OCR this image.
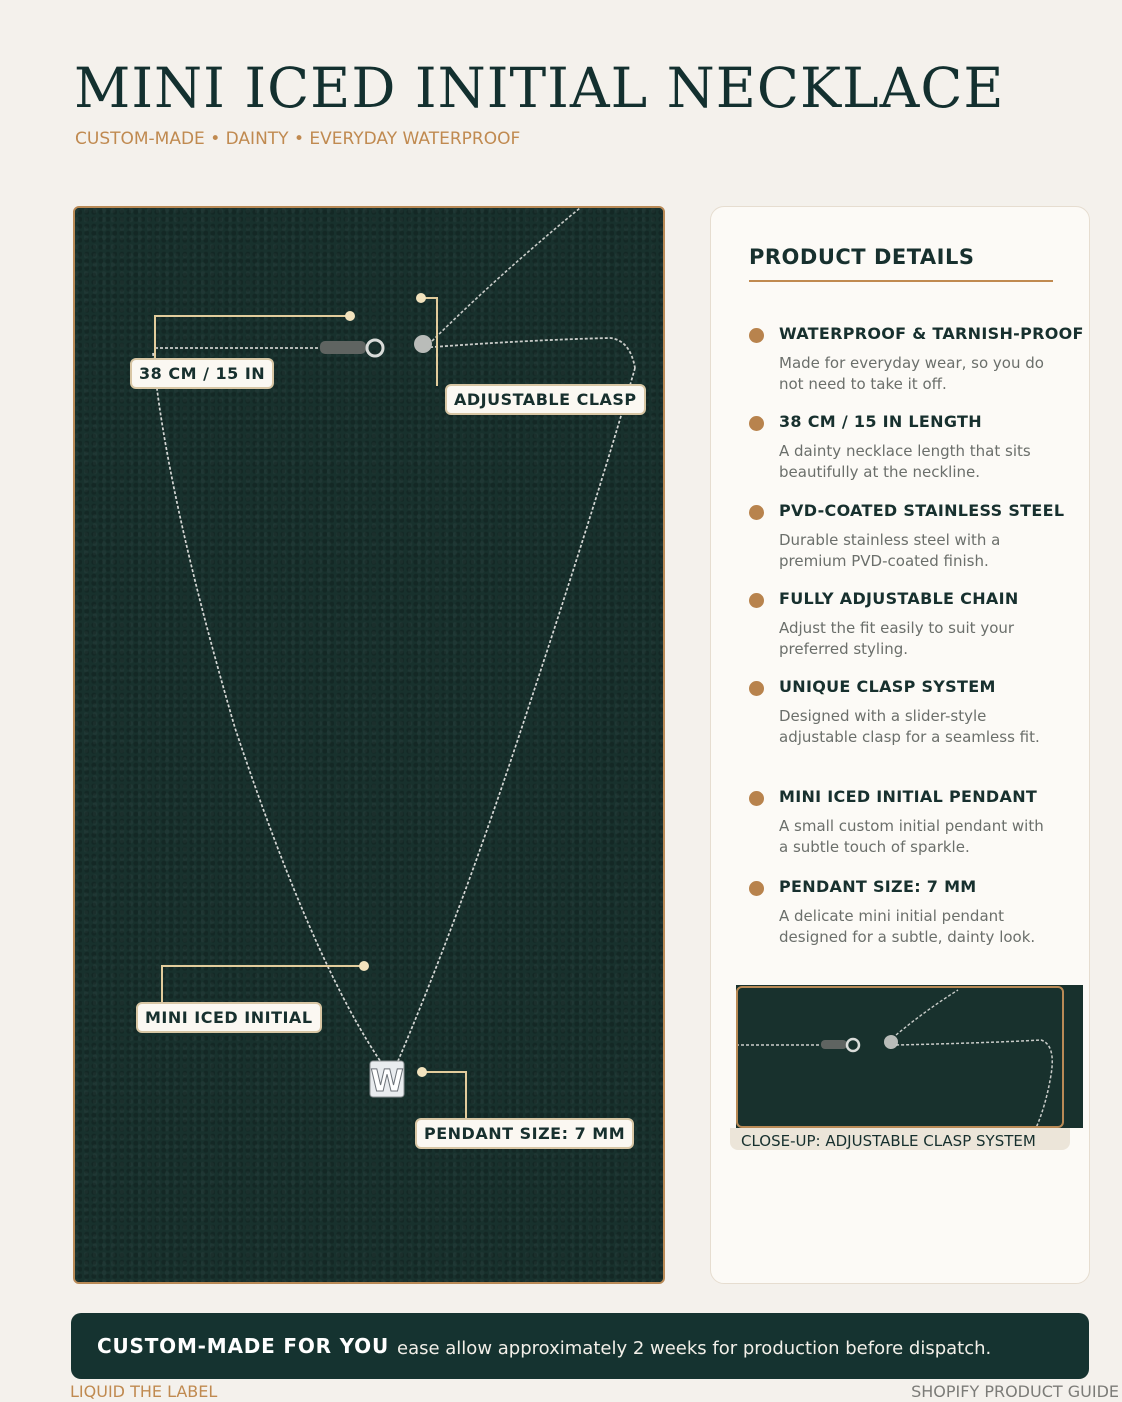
MINI ICED INITIAL NECKLACE
CUSTOM-MADE • DAINTY • EVERYDAY WATERPROOF
W
38 CM / 15 IN
ADJUSTABLE CLASP
MINI ICED INITIAL
PENDANT SIZE: 7 MM
PRODUCT DETAILS
WATERPROOF & TARNISH-PROOF
Made for everyday wear, so you do not need to take it off.
38 CM / 15 IN LENGTH
A dainty necklace length that sits beautifully at the neckline.
PVD-COATED STAINLESS STEEL
Durable stainless steel with a premium PVD-coated finish.
FULLY ADJUSTABLE CHAIN
Adjust the fit easily to suit your preferred styling.
UNIQUE CLASP SYSTEM
Designed with a slider-style adjustable clasp for a seamless fit.
MINI ICED INITIAL PENDANT
A small custom initial pendant with a subtle touch of sparkle.
PENDANT SIZE: 7 MM
A delicate mini initial pendant designed for a subtle, dainty look.
CLOSE-UP: ADJUSTABLE CLASP SYSTEM
CUSTOM-MADE FOR YOU ease allow approximately 2 weeks for production before dispatch.
LIQUID THE LABEL	SHOPIFY PRODUCT GUIDE
